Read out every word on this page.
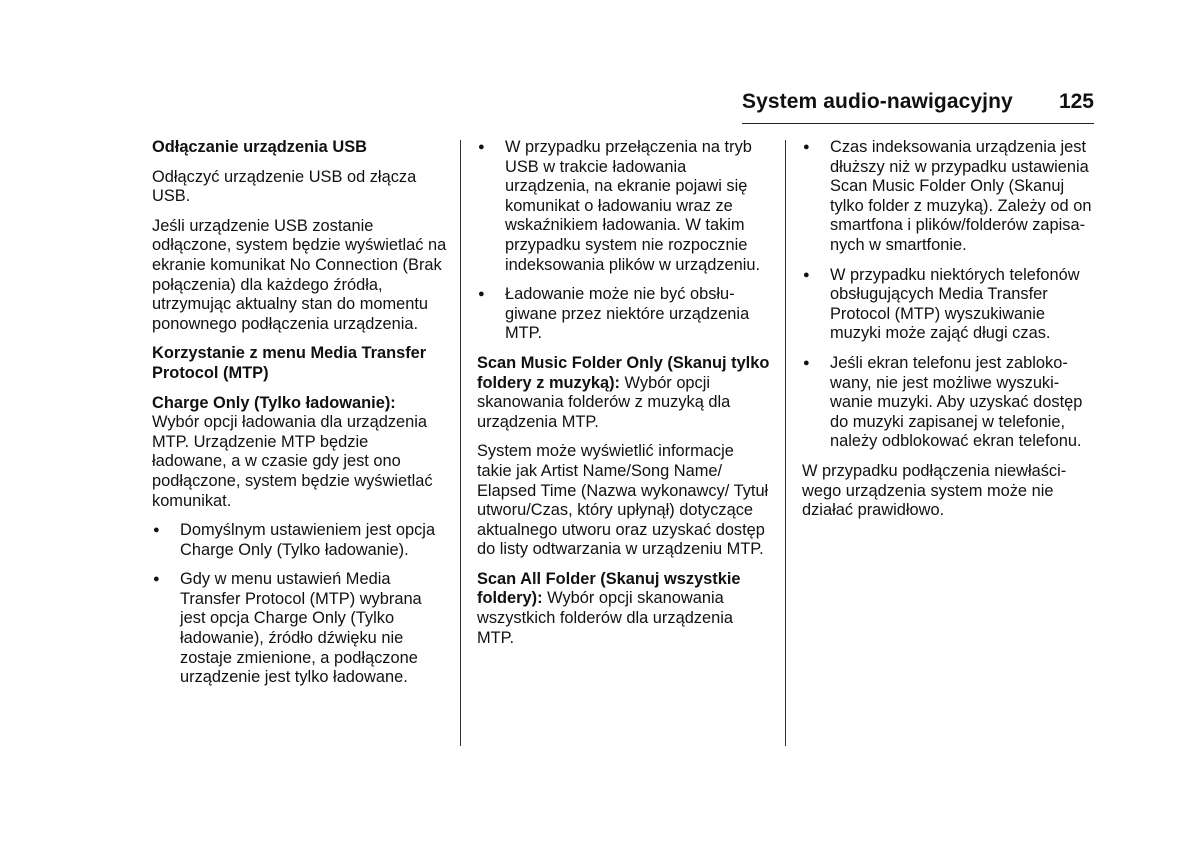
System audio-nawigacyjny 125

Odłączanie urządzenia USB

Odłączyć urządzenie USB od złącza USB.

Jeśli urządzenie USB zostanie odłączone, system będzie wyświetlać na ekranie komunikat No Connection (Brak połączenia) dla każdego źródła, utrzymując aktualny stan do momentu ponownego podłączenia urządzenia.

Korzystanie z menu Media Transfer Protocol (MTP)

Charge Only (Tylko ładowanie): Wybór opcji ładowania dla urządzenia MTP. Urządzenie MTP będzie ładowane, a w czasie gdy jest ono podłączone, system będzie wyświetlać komunikat.

● Domyślnym ustawieniem jest opcja Charge Only (Tylko ładowanie).
● Gdy w menu ustawień Media Transfer Protocol (MTP) wybrana jest opcja Charge Only (Tylko ładowanie), źródło dźwięku nie zostaje zmienione, a podłączone urządzenie jest tylko ładowane.
● W przypadku przełączenia na tryb USB w trakcie ładowania urządzenia, na ekranie pojawi się komunikat o ładowaniu wraz ze wskaźnikiem ładowania. W takim przypadku system nie rozpocznie indeksowania plików w urządzeniu.
● Ładowanie może nie być obsługiwane przez niektóre urządzenia MTP.

Scan Music Folder Only (Skanuj tylko foldery z muzyką): Wybór opcji skanowania folderów z muzyką dla urządzenia MTP.

System może wyświetlić informacje takie jak Artist Name/Song Name/ Elapsed Time (Nazwa wykonawcy/ Tytuł utworu/Czas, który upłynął) dotyczące aktualnego utworu oraz uzyskać dostęp do listy odtwarzania w urządzeniu MTP.

Scan All Folder (Skanuj wszystkie foldery): Wybór opcji skanowania wszystkich folderów dla urządzenia MTP.

● Czas indeksowania urządzenia jest dłuższy niż w przypadku ustawienia Scan Music Folder Only (Skanuj tylko folder z muzyką). Zależy od on smartfona i plików/folderów zapisanych w smartfonie.
● W przypadku niektórych telefonów obsługujących Media Transfer Protocol (MTP) wyszukiwanie muzyki może zająć długi czas.
● Jeśli ekran telefonu jest zablokowany, nie jest możliwe wyszukiwanie muzyki. Aby uzyskać dostęp do muzyki zapisanej w telefonie, należy odblokować ekran telefonu.

W przypadku podłączenia niewłaściwego urządzenia system może nie działać prawidłowo.
